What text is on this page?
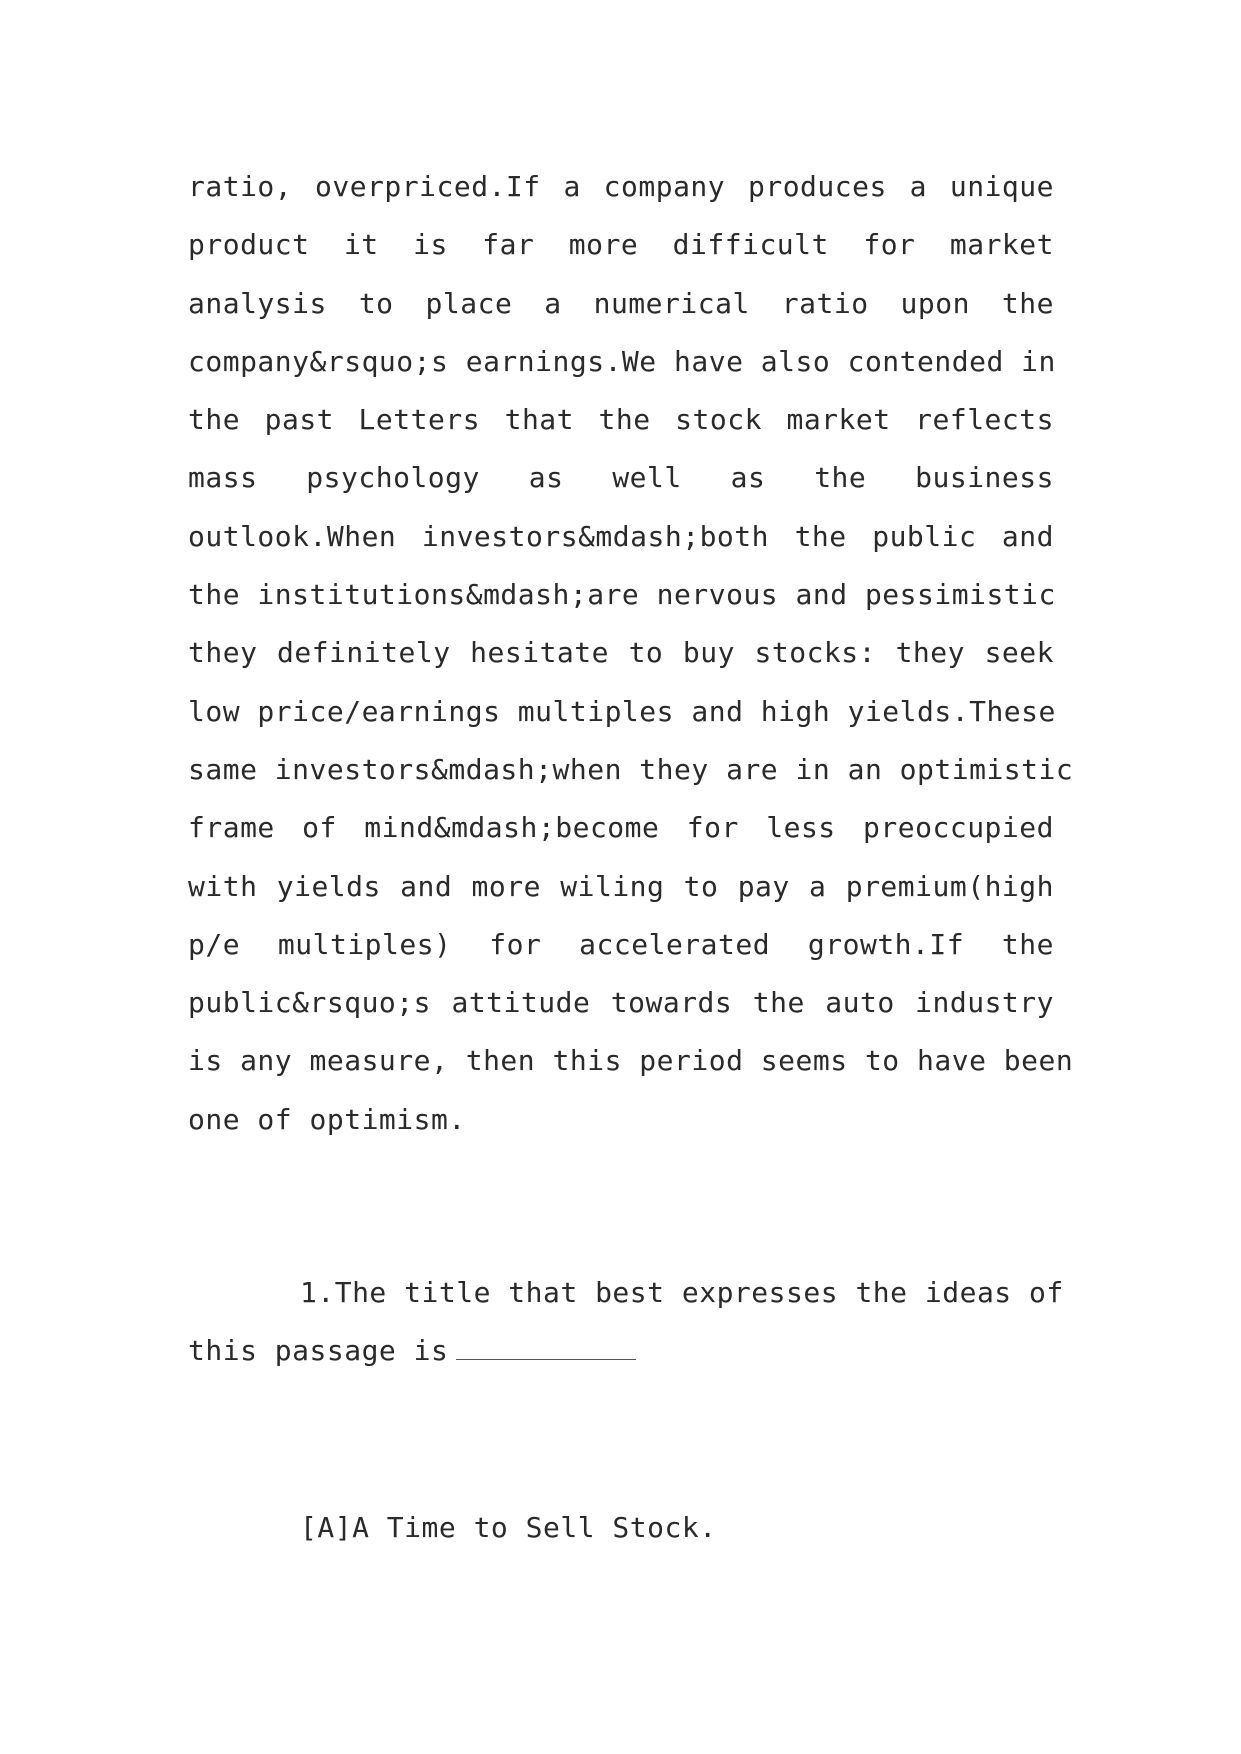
ratio, overpriced.If a company produces a unique
product it is far more difficult for market
analysis to place a numerical ratio upon the
company&rsquo;s earnings.We have also contended in
the past Letters that the stock market reflects
mass psychology as well as the business
outlook.When investors&mdash;both the public and
the institutions&mdash;are nervous and pessimistic
they definitely hesitate to buy stocks: they seek
low price/earnings multiples and high yields.These
same investors&mdash;when they are in an optimistic
frame of mind&mdash;become for less preoccupied
with yields and more wiling to pay a premium(high
p/e multiples) for accelerated growth.If the
public&rsquo;s attitude towards the auto industry
is any measure, then this period seems to have been
one of optimism.
1.The title that best expresses the ideas of
this passage is
[A]A Time to Sell Stock.
